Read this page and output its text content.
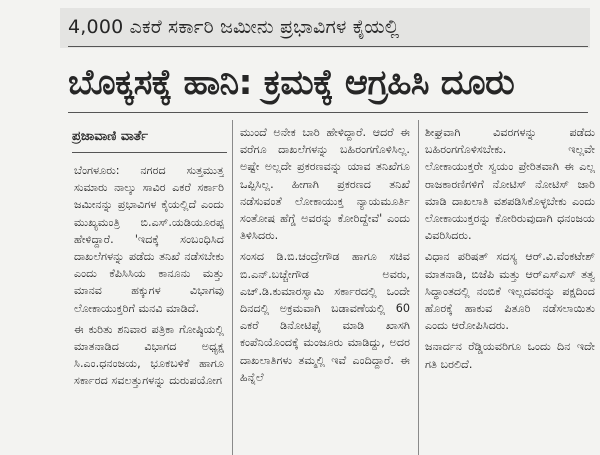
4,000 ಎಕರೆ ಸರ್ಕಾರಿ ಜಮೀನು ಪ್ರಭಾವಿಗಳ ಕೈಯಲ್ಲಿ
ಬೊಕ್ಕಸಕ್ಕೆ ಹಾನಿ: ಕ್ರಮಕ್ಕೆ ಆಗ್ರಹಿಸಿ ದೂರು
ಪ್ರಜಾವಾಣಿ ವಾರ್ತೆ

ಬೆಂಗಳೂರು: ನಗರದ ಸುತ್ತಮುತ್ತ ಸುಮಾರು ನಾಲ್ಕು ಸಾವಿರ ಎಕರೆ ಸರ್ಕಾರಿ ಜಮೀನನ್ನು ಪ್ರಭಾವಿಗಳ ಕೈಯಲ್ಲಿದೆ ಎಂದು ಮುಖ್ಯಮಂತ್ರಿ ಬಿ.ಎಸ್.ಯಡಿಯೂರಪ್ಪ ಹೇಳಿದ್ದಾರೆ. 'ಇದಕ್ಕೆ ಸಂಬಂಧಿಸಿದ ದಾಖಲೆಗಳನ್ನು ಪಡೆದು ತನಿಖೆ ನಡೆಸಬೇಕು ಎಂದು ಕೆಪಿಸಿಸಿಯ ಕಾನೂನು ಮತ್ತು ಮಾನವ ಹಕ್ಕುಗಳ ವಿಭಾಗವು ಲೋಕಾಯುಕ್ತರಿಗೆ ಮನವಿ ಮಾಡಿದೆ.

ಈ ಕುರಿತು ಶನಿವಾರ ಪತ್ರಿಕಾ ಗೋಷ್ಠಿಯಲ್ಲಿ ಮಾತನಾಡಿದ ವಿಭಾಗದ ಅಧ್ಯಕ್ಷ ಸಿ.ಎಂ.ಧನಂಜಯ, ಭೂಕಬಳಿಕೆ ಹಾಗೂ ಸರ್ಕಾರದ ಸವಲತ್ತುಗಳನ್ನು ದುರುಪಯೋಗ

ಮುಂದೆ ಅನೇಕ ಬಾರಿ ಹೇಳಿದ್ದಾರೆ. ಆದರೆ ಈ ವರೆಗೂ ದಾಖಲೆಗಳನ್ನು ಬಹಿರಂಗಗೊಳಿಸಿಲ್ಲ. ಅಷ್ಟೇ ಅಲ್ಲದೇ ಪ್ರಕರಣವನ್ನು ಯಾವ ತನಿಖೆಗೂ ಒಪ್ಪಿಸಿಲ್ಲ. ಹೀಗಾಗಿ ಪ್ರಕರಣದ ತನಿಖೆ ನಡೆಸುವಂತೆ ಲೋಕಾಯುಕ್ತ ನ್ಯಾಯಮೂರ್ತಿ ಸಂತೋಷ ಹೆಗ್ಡೆ ಅವರನ್ನು ಕೋರಿದ್ದೇವೆ' ಎಂದು ತಿಳಿಸಿದರು.

ಸಂಸದ ಡಿ.ಬಿ.ಚಂದ್ರೇಗೌಡ ಹಾಗೂ ಸಚಿವ ಬಿ.ಎನ್.ಬಚ್ಚೇಗೌಡ ಅವರು, ಎಚ್.ಡಿ.ಕುಮಾರಸ್ವಾಮಿ ಸರ್ಕಾರದಲ್ಲಿ ಒಂದೇ ದಿನದಲ್ಲಿ ಅಕ್ರಮವಾಗಿ ಬಡಾವಣೆಯಲ್ಲಿ 60 ಎಕರೆ ಡಿನೋಟಿಫೈ ಮಾಡಿ ಖಾಸಗಿ ಕಂಪೆನಿಯೊಂದಕ್ಕೆ ಮಂಜೂರು ಮಾಡಿದ್ದು, ಅದರ ದಾಖಲಾತಿಗಳು ತಮ್ಮಲ್ಲಿ ಇವೆ ಎಂದಿದ್ದಾರೆ. ಈ ಹಿನ್ನೆಲೆ

ಶೀಘ್ರವಾಗಿ ವಿವರಗಳನ್ನು ಪಡೆದು ಬಹಿರಂಗಗೊಳಿಸಬೇಕು. ಇಲ್ಲವೇ ಲೋಕಾಯುಕ್ತರೇ ಸ್ವಯಂ ಪ್ರೇರಿತವಾಗಿ ಈ ಎಲ್ಲ ರಾಜಕಾರಣಿಗಳಿಗೆ ನೋಟಿಸ್ ನೋಟಿಸ್ ಜಾರಿ ಮಾಡಿ ದಾಖಲಾತಿ ವಶಪಡಿಸಿಕೊಳ್ಳಬೇಕು ಎಂದು ಲೋಕಾಯುಕ್ತರನ್ನು ಕೋರಿರುವುದಾಗಿ ಧನಂಜಯ ವಿವರಿಸಿದರು.

ವಿಧಾನ ಪರಿಷತ್ ಸದಸ್ಯ ಆರ್.ವಿ.ವೆಂಕಟೇಶ್ ಮಾತನಾಡಿ, ಬಿಜೆಪಿ ಮತ್ತು ಆರ್‌ಎಸ್‌ಎಸ್ ತತ್ವ ಸಿದ್ಧಾಂತದಲ್ಲಿ ನಂಬಿಕೆ ಇಲ್ಲದವರನ್ನು ಪಕ್ಷದಿಂದ ಹೊರಕ್ಕೆ ಹಾಕುವ ಪಿತೂರಿ ನಡೆಸಲಾಯಿತು ಎಂದು ಆರೋಪಿಸಿದರು.

ಜನಾರ್ದನ ರೆಡ್ಡಿಯವರಿಗೂ ಒಂದು ದಿನ ಇದೇ ಗತಿ ಬರಲಿದೆ.
